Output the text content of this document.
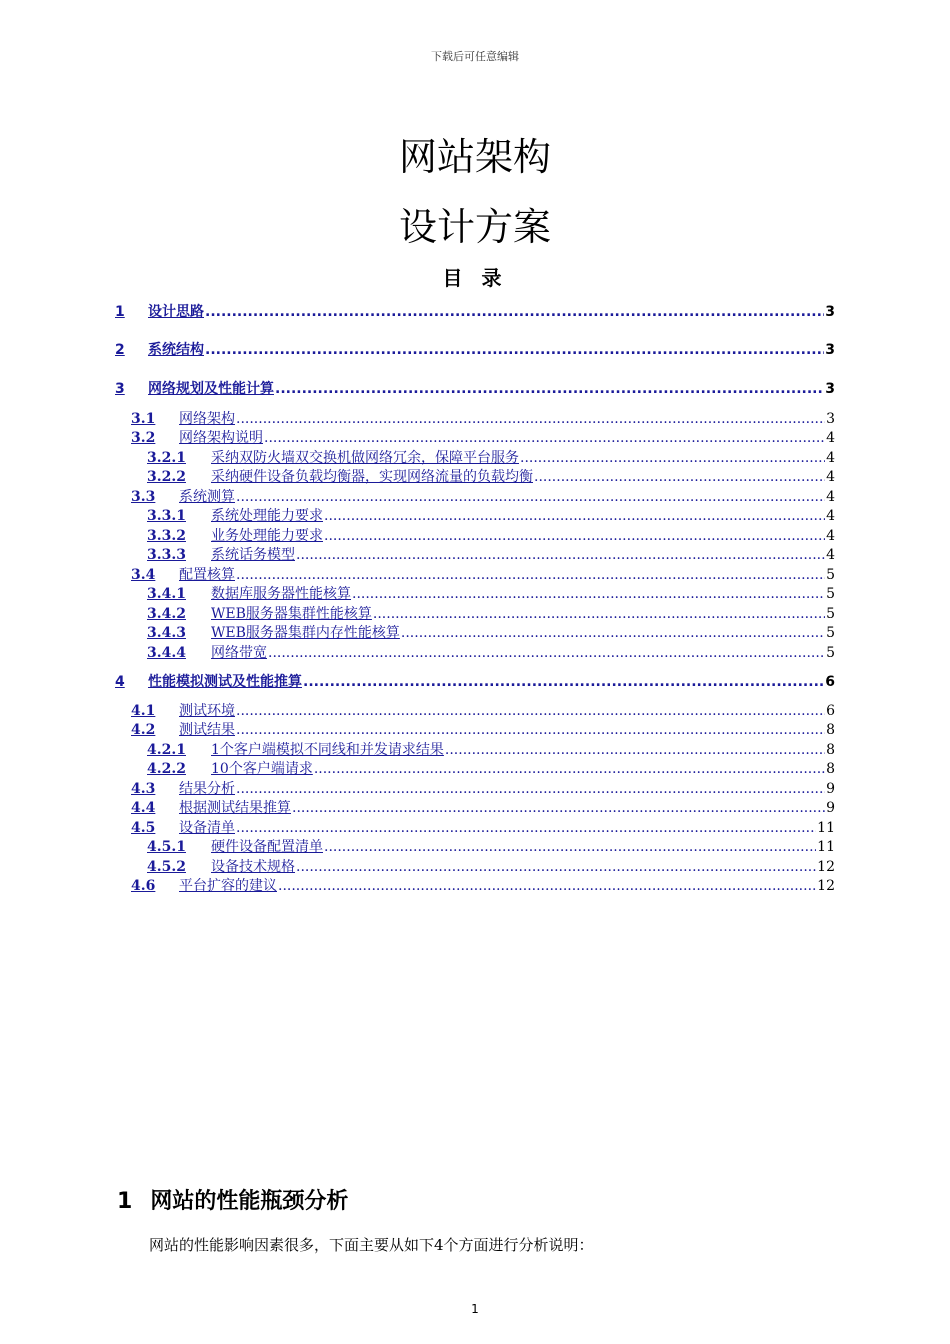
下载后可任意编辑
网站架构
设计方案
目 录
1	设计思路 .....	3
2	系统结构 .....	3
3	网络规划及性能计算 .....	3
3.1	网络架构 .....	3
3.2	网络架构说明 .....	4
3.2.1	采纳双防火墙双交换机做网络冗余，保障平台服务 .....	4
3.2.2	采纳硬件设备负载均衡器，实现网络流量的负载均衡 .....	4
3.3	系统测算 .....	4
3.3.1	系统处理能力要求 .....	4
3.3.2	业务处理能力要求 .....	4
3.3.3	系统话务模型 .....	4
3.4	配置核算 .....	5
3.4.1	数据库服务器性能核算 .....	5
3.4.2	WEB服务器集群性能核算 .....	5
3.4.3	WEB服务器集群内存性能核算 .....	5
3.4.4	网络带宽 .....	5
4	性能模拟测试及性能推算 .....	6
4.1	测试环境 .....	6
4.2	测试结果 .....	8
4.2.1	1个客户端模拟不同线和并发请求结果 .....	8
4.2.2	10个客户端请求 .....	8
4.3	结果分析 .....	9
4.4	根据测试结果推算 .....	9
4.5	设备清单 .....	11
4.5.1	硬件设备配置清单 .....	11
4.5.2	设备技术规格 .....	12
4.6	平台扩容的建议 .....	12
1 网站的性能瓶颈分析
网站的性能影响因素很多，下面主要从如下4个方面进行分析说明：
1
